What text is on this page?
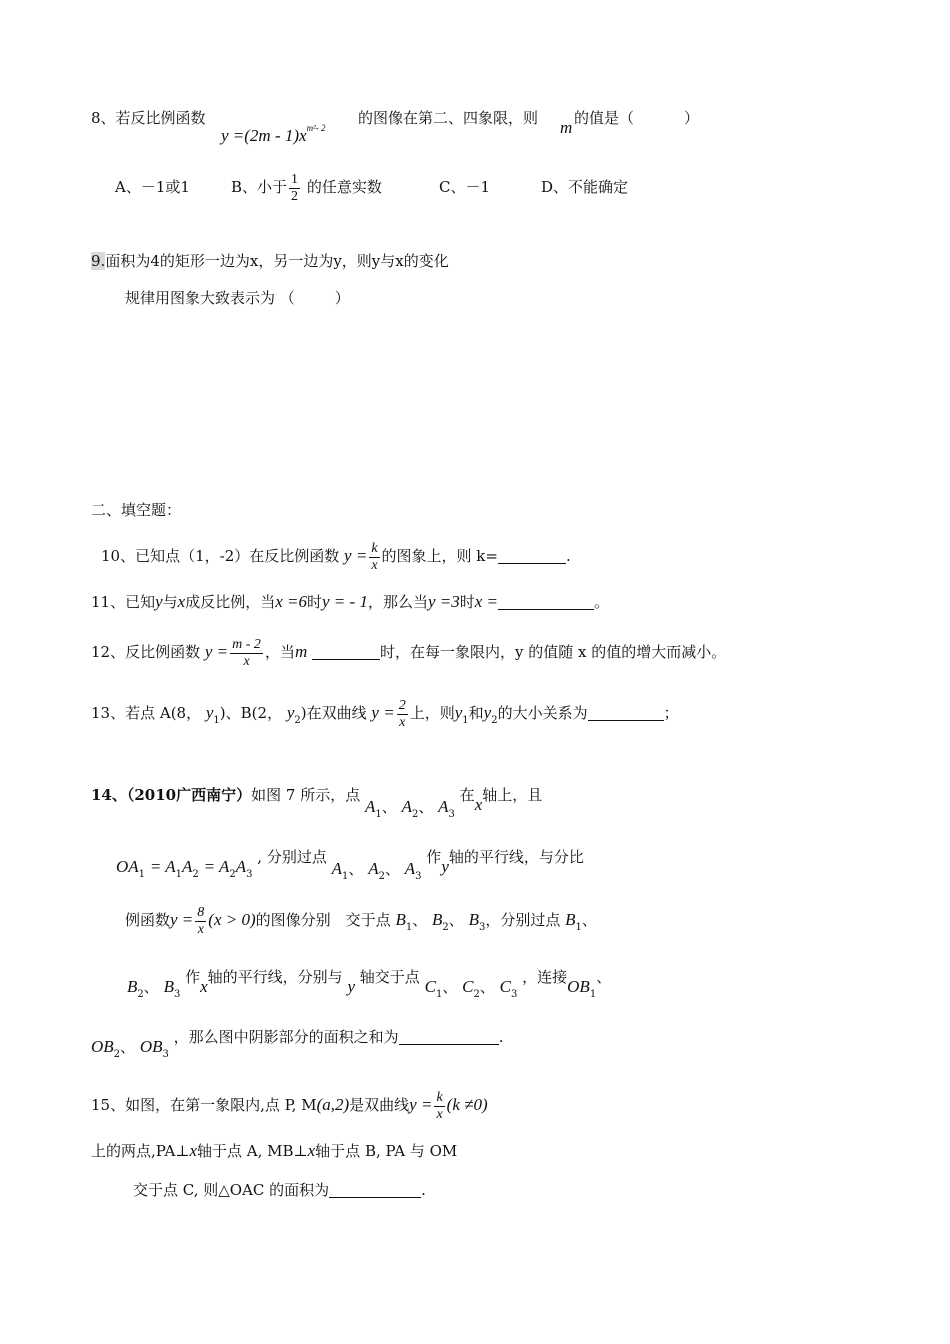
8、若反比例函数
$y =(2m - 1)x^{m^2- 2}$
的图像在第二、四象限，则 m 的值是（	）
A、－1或1	B、小于 $\frac{1}{2}$ 的任意实数	C、－1	D、不能确定
9.面积为4的矩形一边为x，另一边为y，则y与x的变化
规律用图象大致表示为 （	）
二、填空题：
10、已知点（1，-2）在反比例函数 $y = \frac{k}{x}$ 的图象上，则 k=	.
11、已知y与x成反比例，当x =6时y = - 1，那么当y =3时x =	。
12、反比例函数 $y = \frac{m - 2}{x}$ ，当m	时，在每一象限内，y 的值随 x 的值的增大而减小。
13、若点 A(8， $y_1$)、B(2， $y_2$)在双曲线 $y = \frac{2}{x}$ 上，则$y_1$和$y_2$的大小关系为	；
14、（2010广西南宁）如图 7 所示，点 $A_1$、 $A_2$、 $A_3$ 在x轴上，且
$OA_1 = A_1A_2 = A_2A_3$ , 分别过点 $A_1$、 $A_2$、 $A_3$ 作y轴的平行线，与分比
例函数$y = \frac{8}{x} (x > 0)$的图像分别　交于点 $B_1$、 $B_2$、 $B_3$，分别过点 $B_1$、
$B_2$、 $B_3$ 作x轴的平行线，分别与 y 轴交于点 $C_1$、 $C_2$、 $C_3$ ，连接$OB_1$、
$OB_2$、 $OB_3$ ，那么图中阴影部分的面积之和为	.
15、如图，在第一象限内,点 P, M(a,2)是双曲线$y = \frac{k}{x} (k \ne 0)$
上的两点,PA⊥x轴于点 A, MB⊥x轴于点 B, PA 与 OM
交于点 C, 则△OAC 的面积为	.
